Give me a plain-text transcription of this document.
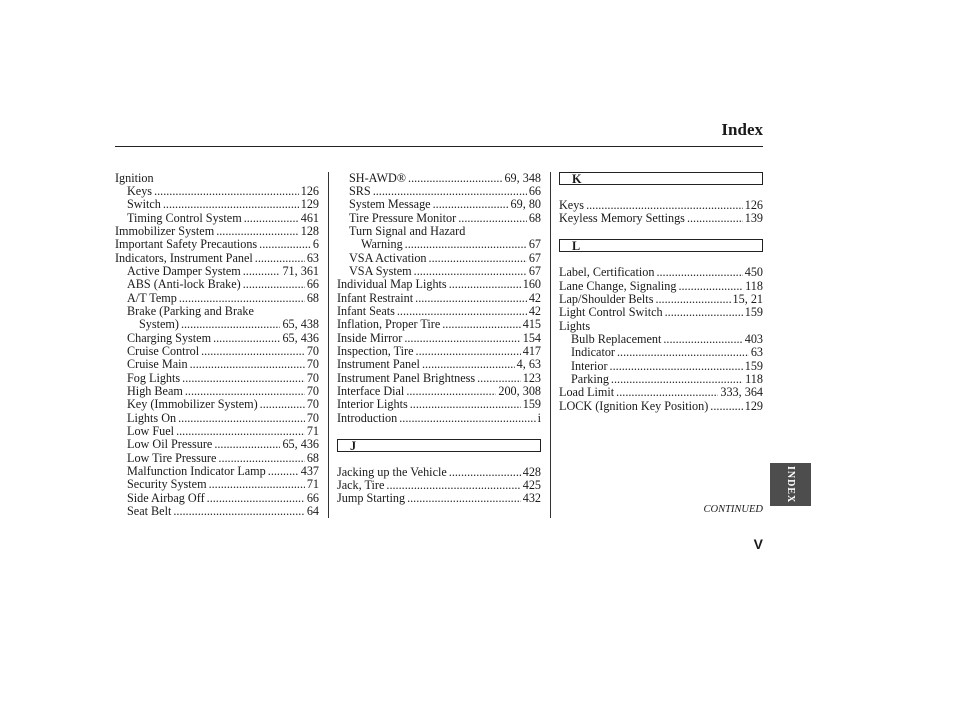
Index
Ignition
Keys .....	126
Switch .....	129
Timing Control System .....	461
Immobilizer System .....	128
Important Safety Precautions .....	6
Indicators, Instrument Panel .....	63
Active Damper System .....	71, 361
ABS (Anti-lock Brake) .....	66
A/T Temp .....	68
Brake (Parking and Brake
System) .....	65, 438
Charging System .....	65, 436
Cruise Control .....	70
Cruise Main .....	70
Fog Lights .....	70
High Beam .....	70
Key (Immobilizer System) .....	70
Lights On .....	70
Low Fuel .....	71
Low Oil Pressure .....	65, 436
Low Tire Pressure .....	68
Malfunction Indicator Lamp .....	437
Security System .....	71
Side Airbag Off .....	66
Seat Belt .....	64
SH-AWD® .....	69, 348
SRS .....	66
System Message .....	69, 80
Tire Pressure Monitor .....	68
Turn Signal and Hazard
Warning .....	67
VSA Activation .....	67
VSA System .....	67
Individual Map Lights .....	160
Infant Restraint .....	42
Infant Seats .....	42
Inflation, Proper Tire .....	415
Inside Mirror .....	154
Inspection, Tire .....	417
Instrument Panel .....	4, 63
Instrument Panel Brightness .....	123
Interface Dial .....	200, 308
Interior Lights .....	159
Introduction .....	i
J
Jacking up the Vehicle .....	428
Jack, Tire .....	425
Jump Starting .....	432
K
Keys .....	126
Keyless Memory Settings .....	139
L
Label, Certification .....	450
Lane Change, Signaling .....	118
Lap/Shoulder Belts .....	15, 21
Light Control Switch .....	159
Lights
Bulb Replacement .....	403
Indicator .....	63
Interior .....	159
Parking .....	118
Load Limit .....	333, 364
LOCK (Ignition Key Position) .....	129
INDEX
CONTINUED
V
